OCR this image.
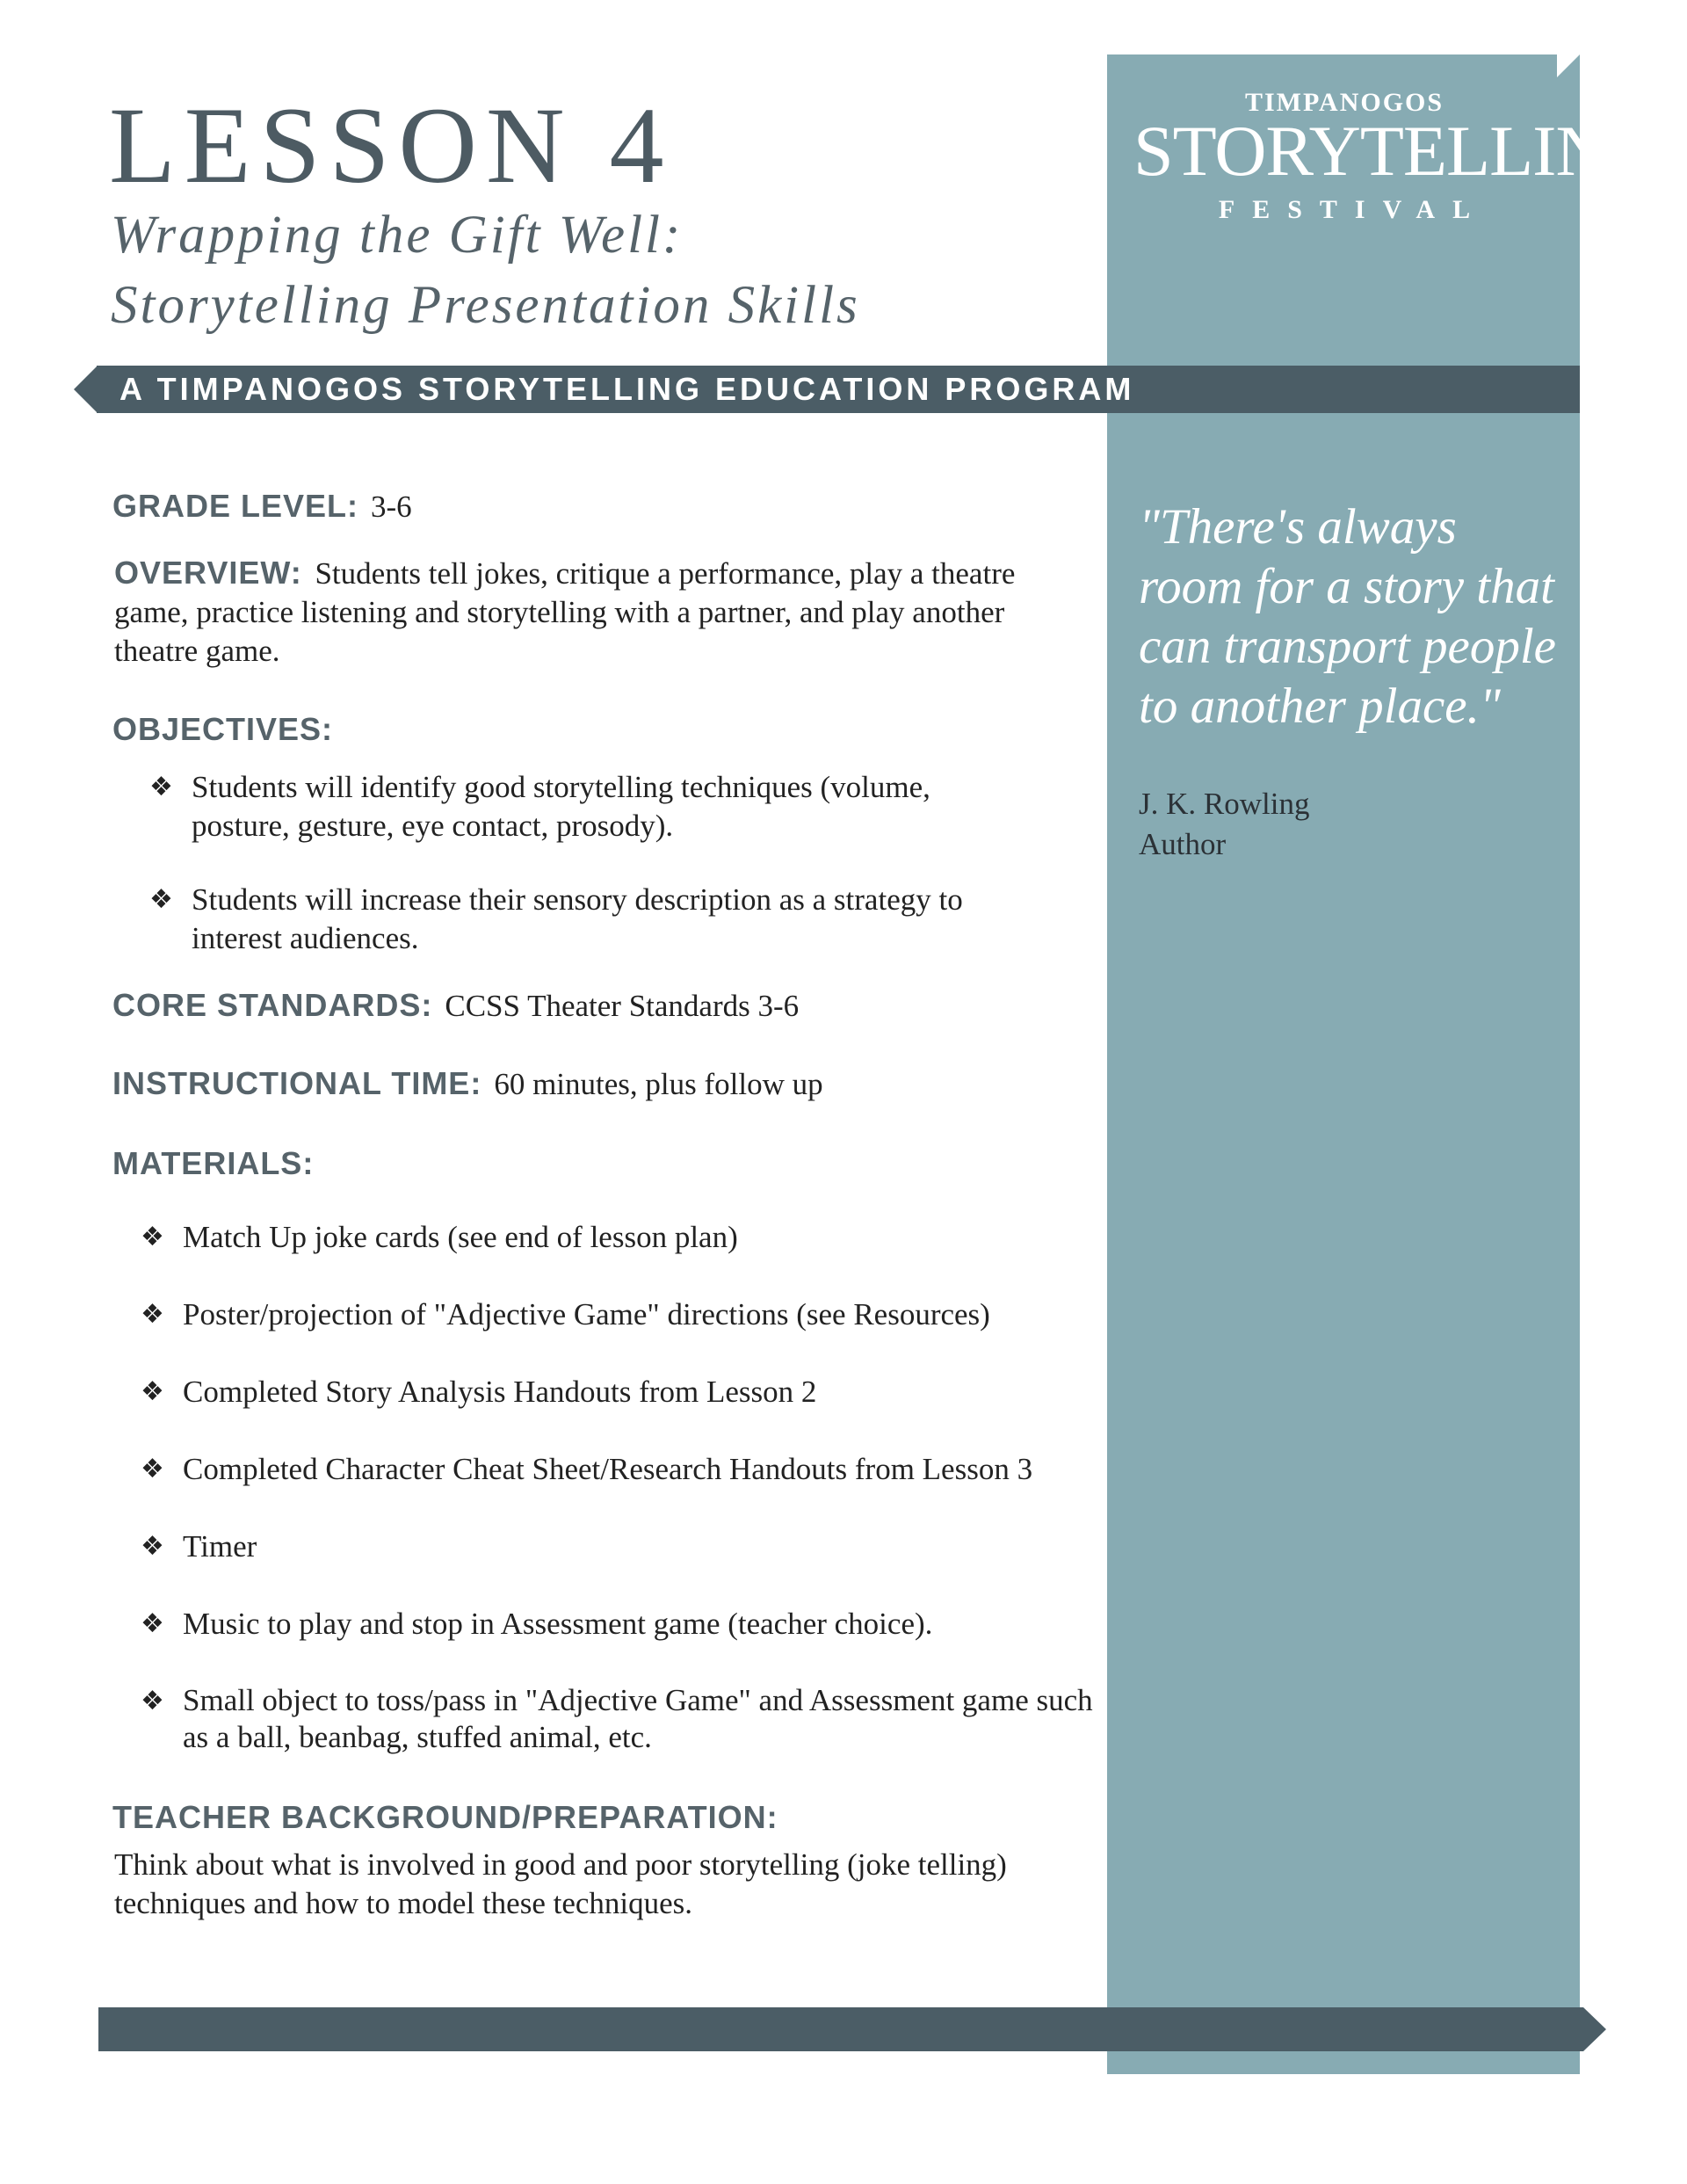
TIMPANOGOS
STORYTELLING
FESTIVAL
"There's always room for a story that can transport people to another place."
J. K. Rowling
Author
LESSON 4
Wrapping the Gift Well:
Storytelling Presentation Skills
A TIMPANOGOS STORYTELLING EDUCATION PROGRAM
GRADE LEVEL: 3-6
OVERVIEW: Students tell jokes, critique a performance, play a theatre game, practice listening and storytelling with a partner, and play another theatre game.
OBJECTIVES:
❖ Students will identify good storytelling techniques (volume, posture, gesture, eye contact, prosody).
❖ Students will increase their sensory description as a strategy to interest audiences.
CORE STANDARDS: CCSS Theater Standards 3-6
INSTRUCTIONAL TIME: 60 minutes, plus follow up
MATERIALS:
❖ Match Up joke cards (see end of lesson plan)
❖ Poster/projection of "Adjective Game" directions (see Resources)
❖ Completed Story Analysis Handouts from Lesson 2
❖ Completed Character Cheat Sheet/Research Handouts from Lesson 3
❖ Timer
❖ Music to play and stop in Assessment game (teacher choice).
❖ Small object to toss/pass in "Adjective Game" and Assessment game such as a ball, beanbag, stuffed animal, etc.
TEACHER BACKGROUND/PREPARATION:
Think about what is involved in good and poor storytelling (joke telling) techniques and how to model these techniques.
